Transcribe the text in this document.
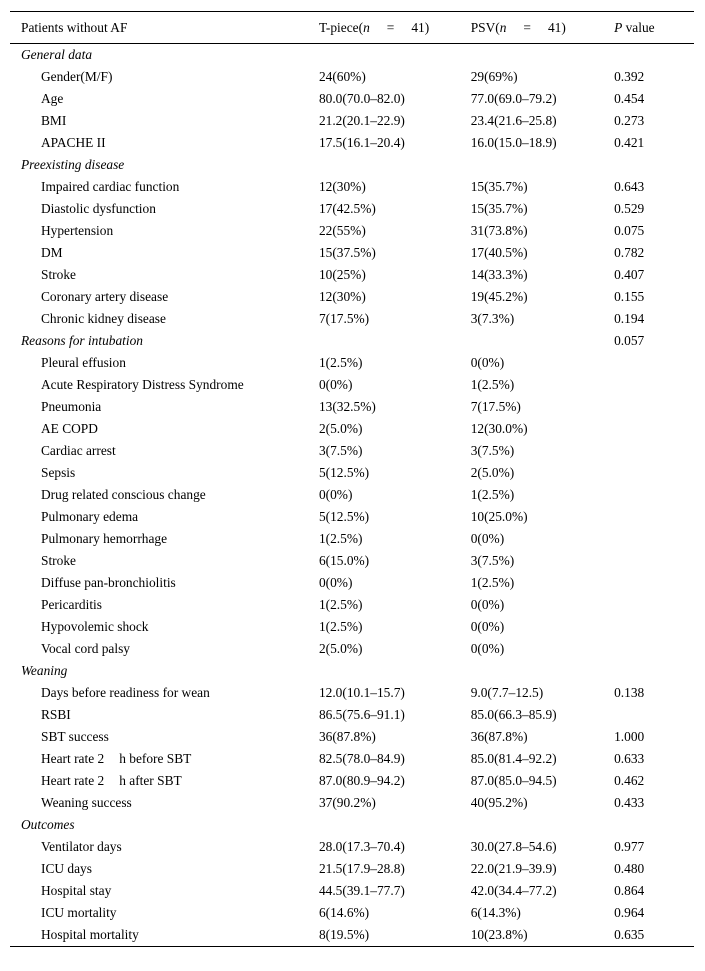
Patients without AF	T-piece(n = 41)	PSV(n = 41)	P value
General data			
Gender(M/F)	24(60%)	29(69%)	0.392
Age	80.0(70.0–82.0)	77.0(69.0–79.2)	0.454
BMI	21.2(20.1–22.9)	23.4(21.6–25.8)	0.273
APACHE II	17.5(16.1–20.4)	16.0(15.0–18.9)	0.421
Preexisting disease			
Impaired cardiac function	12(30%)	15(35.7%)	0.643
Diastolic dysfunction	17(42.5%)	15(35.7%)	0.529
Hypertension	22(55%)	31(73.8%)	0.075
DM	15(37.5%)	17(40.5%)	0.782
Stroke	10(25%)	14(33.3%)	0.407
Coronary artery disease	12(30%)	19(45.2%)	0.155
Chronic kidney disease	7(17.5%)	3(7.3%)	0.194
Reasons for intubation			0.057
Pleural effusion	1(2.5%)	0(0%)	
Acute Respiratory Distress Syndrome	0(0%)	1(2.5%)	
Pneumonia	13(32.5%)	7(17.5%)	
AE COPD	2(5.0%)	12(30.0%)	
Cardiac arrest	3(7.5%)	3(7.5%)	
Sepsis	5(12.5%)	2(5.0%)	
Drug related conscious change	0(0%)	1(2.5%)	
Pulmonary edema	5(12.5%)	10(25.0%)	
Pulmonary hemorrhage	1(2.5%)	0(0%)	
Stroke	6(15.0%)	3(7.5%)	
Diffuse pan-bronchiolitis	0(0%)	1(2.5%)	
Pericarditis	1(2.5%)	0(0%)	
Hypovolemic shock	1(2.5%)	0(0%)	
Vocal cord palsy	2(5.0%)	0(0%)	
Weaning			
Days before readiness for wean	12.0(10.1–15.7)	9.0(7.7–12.5)	0.138
RSBI	86.5(75.6–91.1)	85.0(66.3–85.9)	
SBT success	36(87.8%)	36(87.8%)	1.000
Heart rate 2 h before SBT	82.5(78.0–84.9)	85.0(81.4–92.2)	0.633
Heart rate 2 h after SBT	87.0(80.9–94.2)	87.0(85.0–94.5)	0.462
Weaning success	37(90.2%)	40(95.2%)	0.433
Outcomes			
Ventilator days	28.0(17.3–70.4)	30.0(27.8–54.6)	0.977
ICU days	21.5(17.9–28.8)	22.0(21.9–39.9)	0.480
Hospital stay	44.5(39.1–77.7)	42.0(34.4–77.2)	0.864
ICU mortality	6(14.6%)	6(14.3%)	0.964
Hospital mortality	8(19.5%)	10(23.8%)	0.635
